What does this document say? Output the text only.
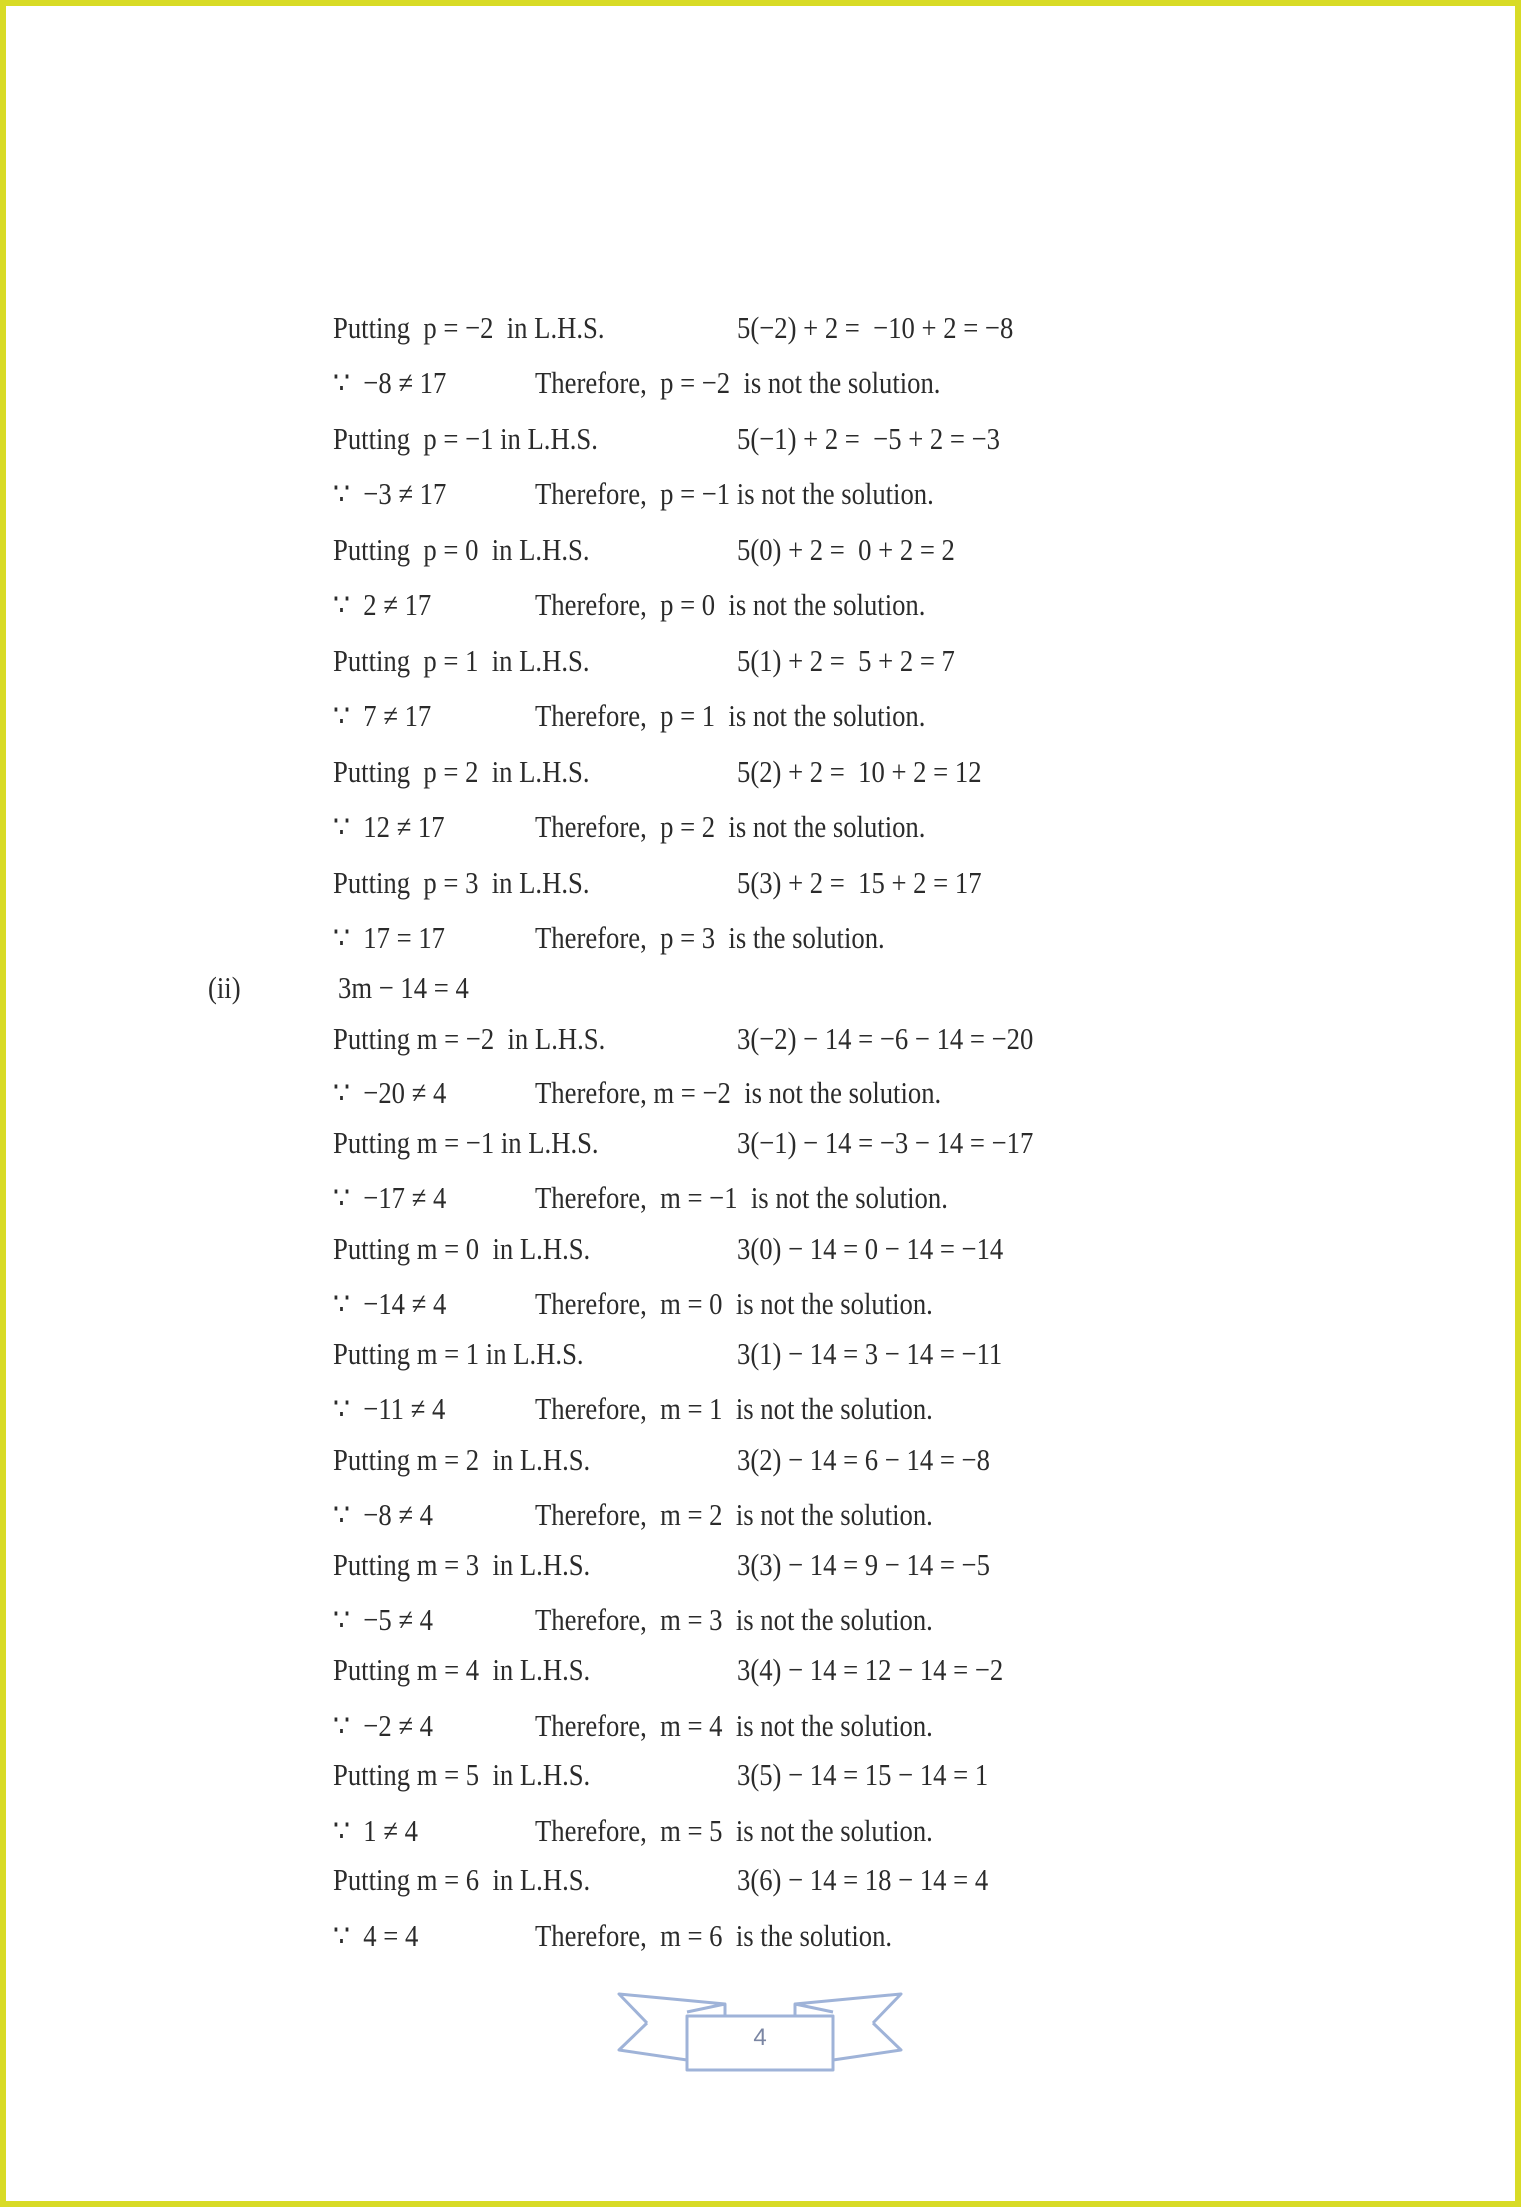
Putting  p = −2  in L.H.S.	5(−2) + 2 =  −10 + 2 = −8
∵  −8 ≠ 17	Therefore,  p = −2  is not the solution.
Putting  p = −1 in L.H.S.	5(−1) + 2 =  −5 + 2 = −3
∵  −3 ≠ 17	Therefore,  p = −1 is not the solution.
Putting  p = 0  in L.H.S.	5(0) + 2 =  0 + 2 = 2
∵  2 ≠ 17	Therefore,  p = 0  is not the solution.
Putting  p = 1  in L.H.S.	5(1) + 2 =  5 + 2 = 7
∵  7 ≠ 17	Therefore,  p = 1  is not the solution.
Putting  p = 2  in L.H.S.	5(2) + 2 =  10 + 2 = 12
∵  12 ≠ 17	Therefore,  p = 2  is not the solution.
Putting  p = 3  in L.H.S.	5(3) + 2 =  15 + 2 = 17
∵  17 = 17	Therefore,  p = 3  is the solution.
(ii)	3m − 14 = 4
Putting m = −2  in L.H.S.	3(−2) − 14 = −6 − 14 = −20
∵  −20 ≠ 4	Therefore, m = −2  is not the solution.
Putting m = −1 in L.H.S.	3(−1) − 14 = −3 − 14 = −17
∵  −17 ≠ 4	Therefore,  m = −1  is not the solution.
Putting m = 0  in L.H.S.	3(0) − 14 = 0 − 14 = −14
∵  −14 ≠ 4	Therefore,  m = 0  is not the solution.
Putting m = 1 in L.H.S.	3(1) − 14 = 3 − 14 = −11
∵  −11 ≠ 4	Therefore,  m = 1  is not the solution.
Putting m = 2  in L.H.S.	3(2) − 14 = 6 − 14 = −8
∵  −8 ≠ 4	Therefore,  m = 2  is not the solution.
Putting m = 3  in L.H.S.	3(3) − 14 = 9 − 14 = −5
∵  −5 ≠ 4	Therefore,  m = 3  is not the solution.
Putting m = 4  in L.H.S.	3(4) − 14 = 12 − 14 = −2
∵  −2 ≠ 4	Therefore,  m = 4  is not the solution.
Putting m = 5  in L.H.S.	3(5) − 14 = 15 − 14 = 1
∵  1 ≠ 4	Therefore,  m = 5  is not the solution.
Putting m = 6  in L.H.S.	3(6) − 14 = 18 − 14 = 4
∵  4 = 4	Therefore,  m = 6  is the solution.
4
